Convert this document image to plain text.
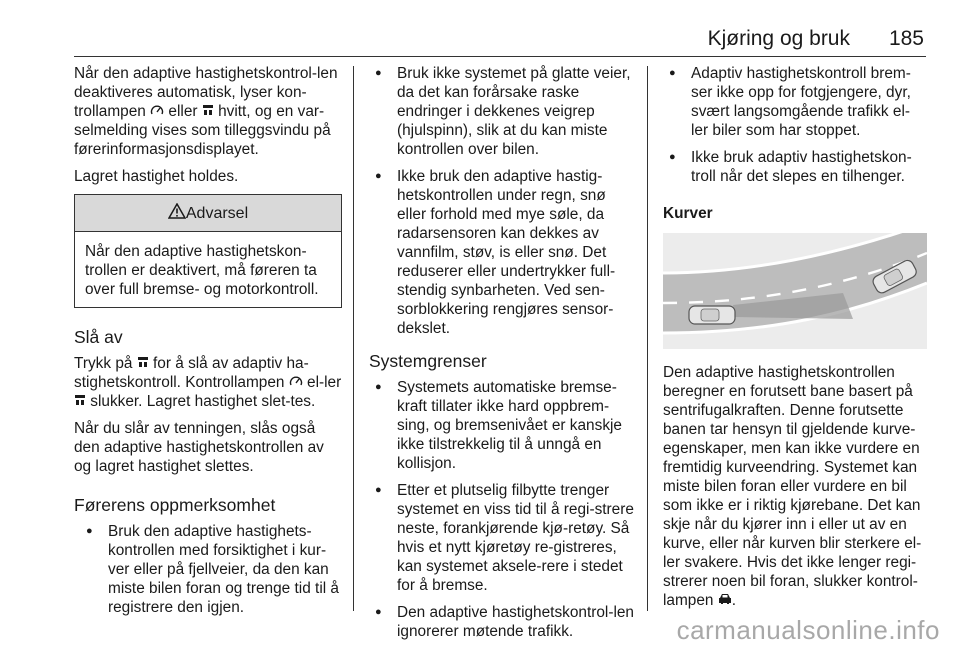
Kjøring og bruk 185

Når den adaptive hastighetskontrol-len deaktiveres automatisk, lyser kon-trollampen eller hvitt, og en var-selmelding vises som tilleggsvindu på førerinformasjonsdisplayet.

Lagret hastighet holdes.

Advarsel
Når den adaptive hastighetskon-trollen er deaktivert, må føreren ta over full bremse- og motorkontroll.
Slå av

Trykk på for å slå av adaptiv ha-stighetskontroll. Kontrollampen el-ler  slukker. Lagret hastighet slet-tes.

Når du slår av tenningen, slås også den adaptive hastighetskontrollen av og lagret hastighet slettes.

Førerens oppmerksomhet
● Bruk den adaptive hastighets-kontrollen med forsiktighet i kur-ver eller på fjellveier, da den kan miste bilen foran og trenge tid til å registrere den igjen.
● Bruk ikke systemet på glatte veier, da det kan forårsake raske endringer i dekkenes veigrep (hjulspinn), slik at du kan miste kontrollen over bilen.
● Ikke bruk den adaptive hastig-hetskontrollen under regn, snø eller forhold med mye søle, da radarsensoren kan dekkes av vannfilm, støv, is eller snø. Det reduserer eller undertrykker full-stendig synbarheten. Ved sen-sorblokkering rengjøres sensor-dekslet.
Systemgrenser
● Systemets automatiske bremse-kraft tillater ikke hard oppbrem-sing, og bremsenivået er kanskje ikke tilstrekkelig til å unngå en kollisjon.
● Etter et plutselig filbytte trenger systemet en viss tid til å regi-strere neste, forankjørende kjø-retøy. Så hvis et nytt kjøretøy re-gistreres, kan systemet aksele-rere i stedet for å bremse.
● Den adaptive hastighetskontrol-len ignorerer møtende trafikk.
● Adaptiv hastighetskontroll brem-ser ikke opp for fotgjengere, dyr, svært langsomgående trafikk el-ler biler som har stoppet.
● Ikke bruk adaptiv hastighetskon-troll når det slepes en tilhenger.
Kurver

Den adaptive hastighetskontrollen beregner en forutsett bane basert på sentrifugalkraften. Denne forutsette banen tar hensyn til gjeldende kurve-egenskaper, men kan ikke vurdere en fremtidig kurveendring. Systemet kan miste bilen foran eller vurdere en bil som ikke er i riktig kjørebane. Det kan skje når du kjører inn i eller ut av en kurve, eller når kurven blir sterkere el-ler svakere. Hvis det ikke lenger regi-strerer noen bil foran, slukker kontrol-lampen .

carmanualsonline.info
